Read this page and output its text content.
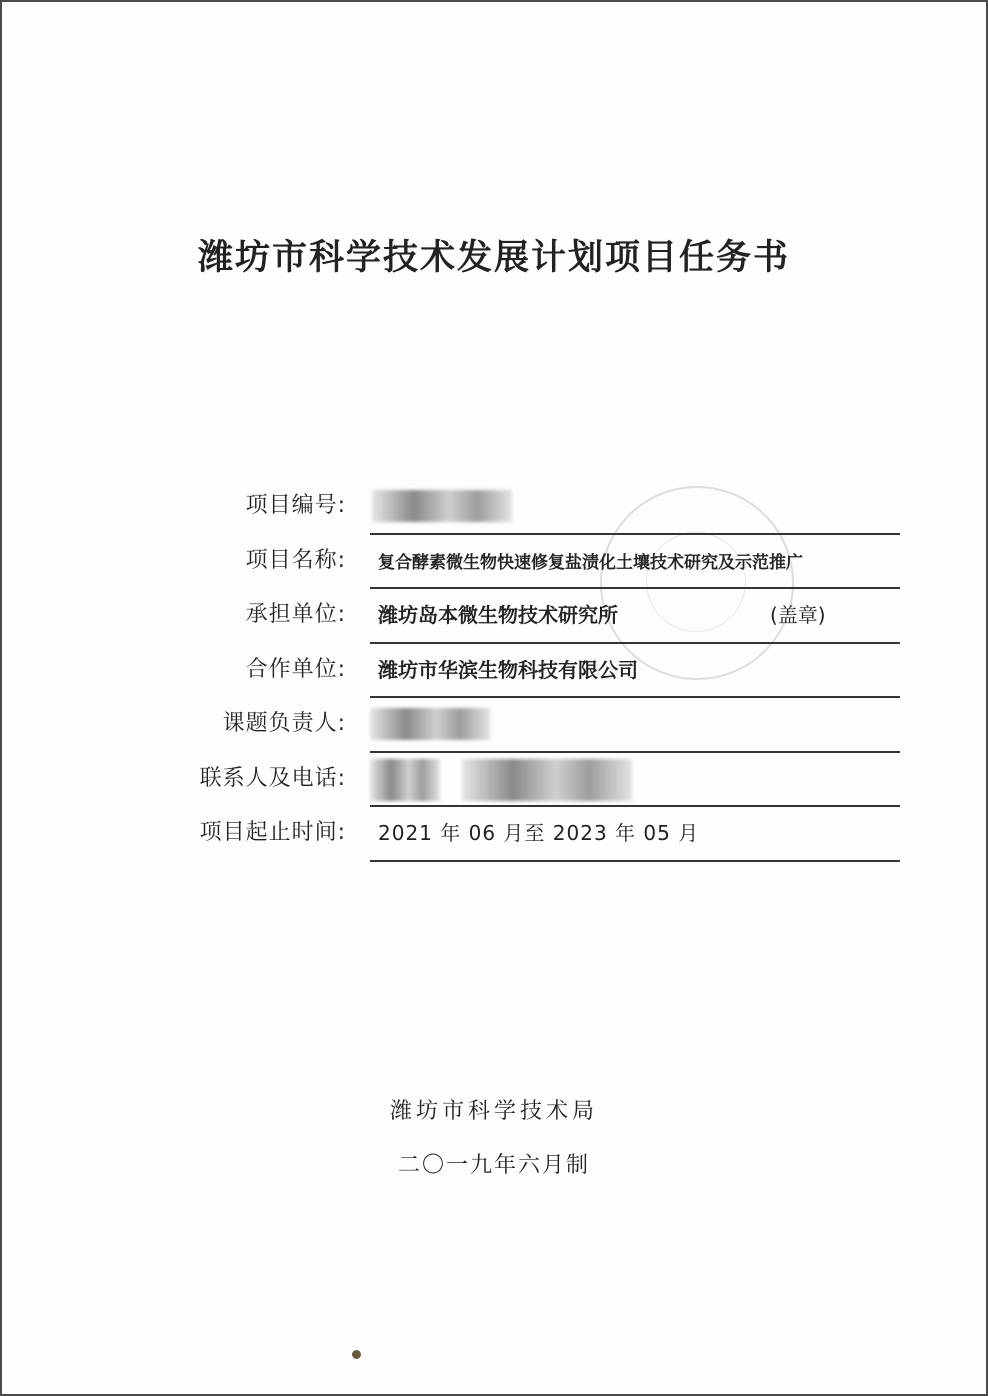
潍坊市科学技术发展计划项目任务书
项目编号:
项目名称: 复合酵素微生物快速修复盐渍化土壤技术研究及示范推广
承担单位: 潍坊岛本微生物技术研究所	(盖章)
合作单位: 潍坊市华滨生物科技有限公司
课题负责人:
联系人及电话:
项目起止时间: 2021 年 06 月至 2023 年 05 月
潍坊市科学技术局
二〇一九年六月制
